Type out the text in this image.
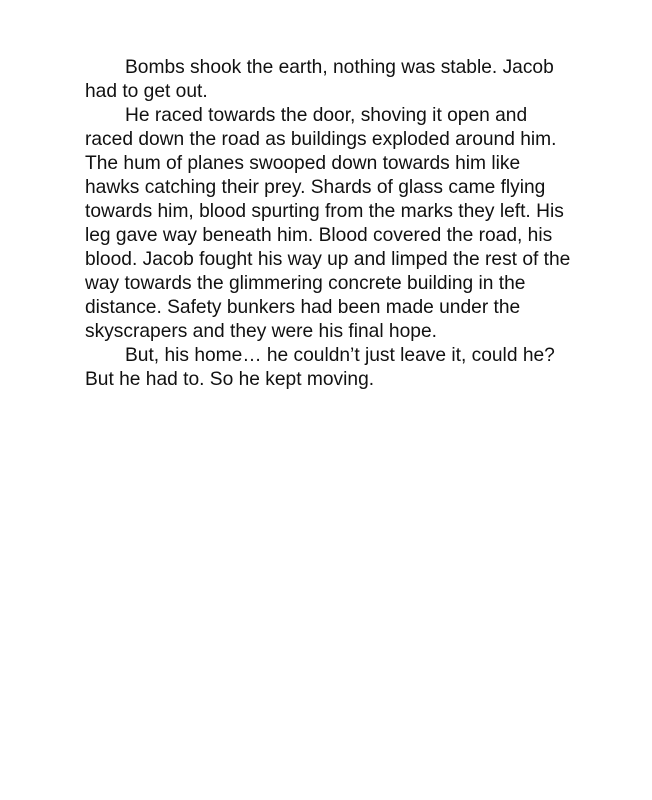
Bombs shook the earth, nothing was stable. Jacob had to get out.

He raced towards the door, shoving it open and raced down the road as buildings exploded around him. The hum of planes swooped down towards him like hawks catching their prey. Shards of glass came flying towards him, blood spurting from the marks they left. His leg gave way beneath him. Blood covered the road, his blood. Jacob fought his way up and limped the rest of the way towards the glimmering concrete building in the distance. Safety bunkers had been made under the skyscrapers and they were his final hope.

But, his home… he couldn’t just leave it, could he? But he had to. So he kept moving.
